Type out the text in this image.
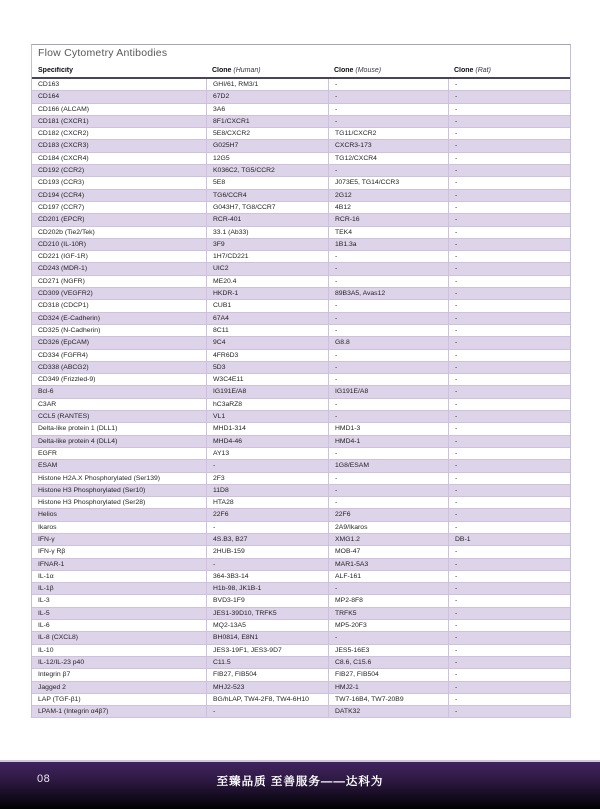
Flow Cytometry Antibodies
Specificity	Clone (Human)	Clone (Mouse)	Clone (Rat)
CD163	GHI/61, RM3/1	-	-
CD164	67D2	-	-
CD166 (ALCAM)	3A6	-	-
CD181 (CXCR1)	8F1/CXCR1	-	-
CD182 (CXCR2)	5E8/CXCR2	TG11/CXCR2	-
CD183 (CXCR3)	G025H7	CXCR3-173	-
CD184 (CXCR4)	12G5	TG12/CXCR4	-
CD192 (CCR2)	K036C2, TG5/CCR2	-	-
CD193 (CCR3)	5E8	J073E5, TG14/CCR3	-
CD194 (CCR4)	TG6/CCR4	2G12	-
CD197 (CCR7)	G043H7, TG8/CCR7	4B12	-
CD201 (EPCR)	RCR-401	RCR-16	-
CD202b (Tie2/Tek)	33.1 (Ab33)	TEK4	-
CD210 (IL-10R)	3F9	1B1.3a	-
CD221 (IGF-1R)	1H7/CD221	-	-
CD243 (MDR-1)	UIC2	-	-
CD271 (NGFR)	ME20.4	-	-
CD309 (VEGFR2)	HKDR-1	89B3A5, Avas12	-
CD318 (CDCP1)	CUB1	-	-
CD324 (E-Cadherin)	67A4	-	-
CD325 (N-Cadherin)	8C11	-	-
CD326 (EpCAM)	9C4	G8.8	-
CD334 (FGFR4)	4FR6D3	-	-
CD338 (ABCG2)	5D3	-	-
CD349 (Frizzled-9)	W3C4E11	-	-
Bcl-6	IG191E/A8	IG191E/A8	-
C3AR	hC3aRZ8	-	-
CCL5 (RANTES)	VL1	-	-
Delta-like protein 1 (DLL1)	MHD1-314	HMD1-3	-
Delta-like protein 4 (DLL4)	MHD4-46	HMD4-1	-
EGFR	AY13	-	-
ESAM	-	1G8/ESAM	-
Histone H2A.X Phosphorylated (Ser139)	2F3	-	-
Histone H3 Phosphorylated (Ser10)	11D8	-	-
Histone H3 Phosphorylated (Ser28)	HTA28	-	-
Helios	22F6	22F6	-
Ikaros	-	2A9/Ikaros	-
IFN-γ	4S.B3, B27	XMG1.2	DB-1
IFN-γ Rβ	2HUB-159	MOB-47	-
IFNAR-1	-	MAR1-5A3	-
IL-1α	364-3B3-14	ALF-161	-
IL-1β	H1b-98, JK1B-1	-	-
IL-3	BVD3-1F9	MP2-8F8	-
IL-5	JES1-39D10, TRFK5	TRFK5	-
IL-6	MQ2-13A5	MP5-20F3	-
IL-8 (CXCL8)	BH0814, E8N1	-	-
IL-10	JES3-19F1, JES3-9D7	JES5-16E3	-
IL-12/IL-23 p40	C11.5	C8.6, C15.6	-
Integrin β7	FIB27, FIB504	FIB27, FIB504	-
Jagged 2	MHJ2-523	HMJ2-1	-
LAP (TGF-β1)	BG/hLAP, TW4-2F8, TW4-6H10	TW7-16B4, TW7-20B9	-
LPAM-1 (Integrin α4β7)	-	DATK32	-
08	至臻品质 至善服务——达科为
